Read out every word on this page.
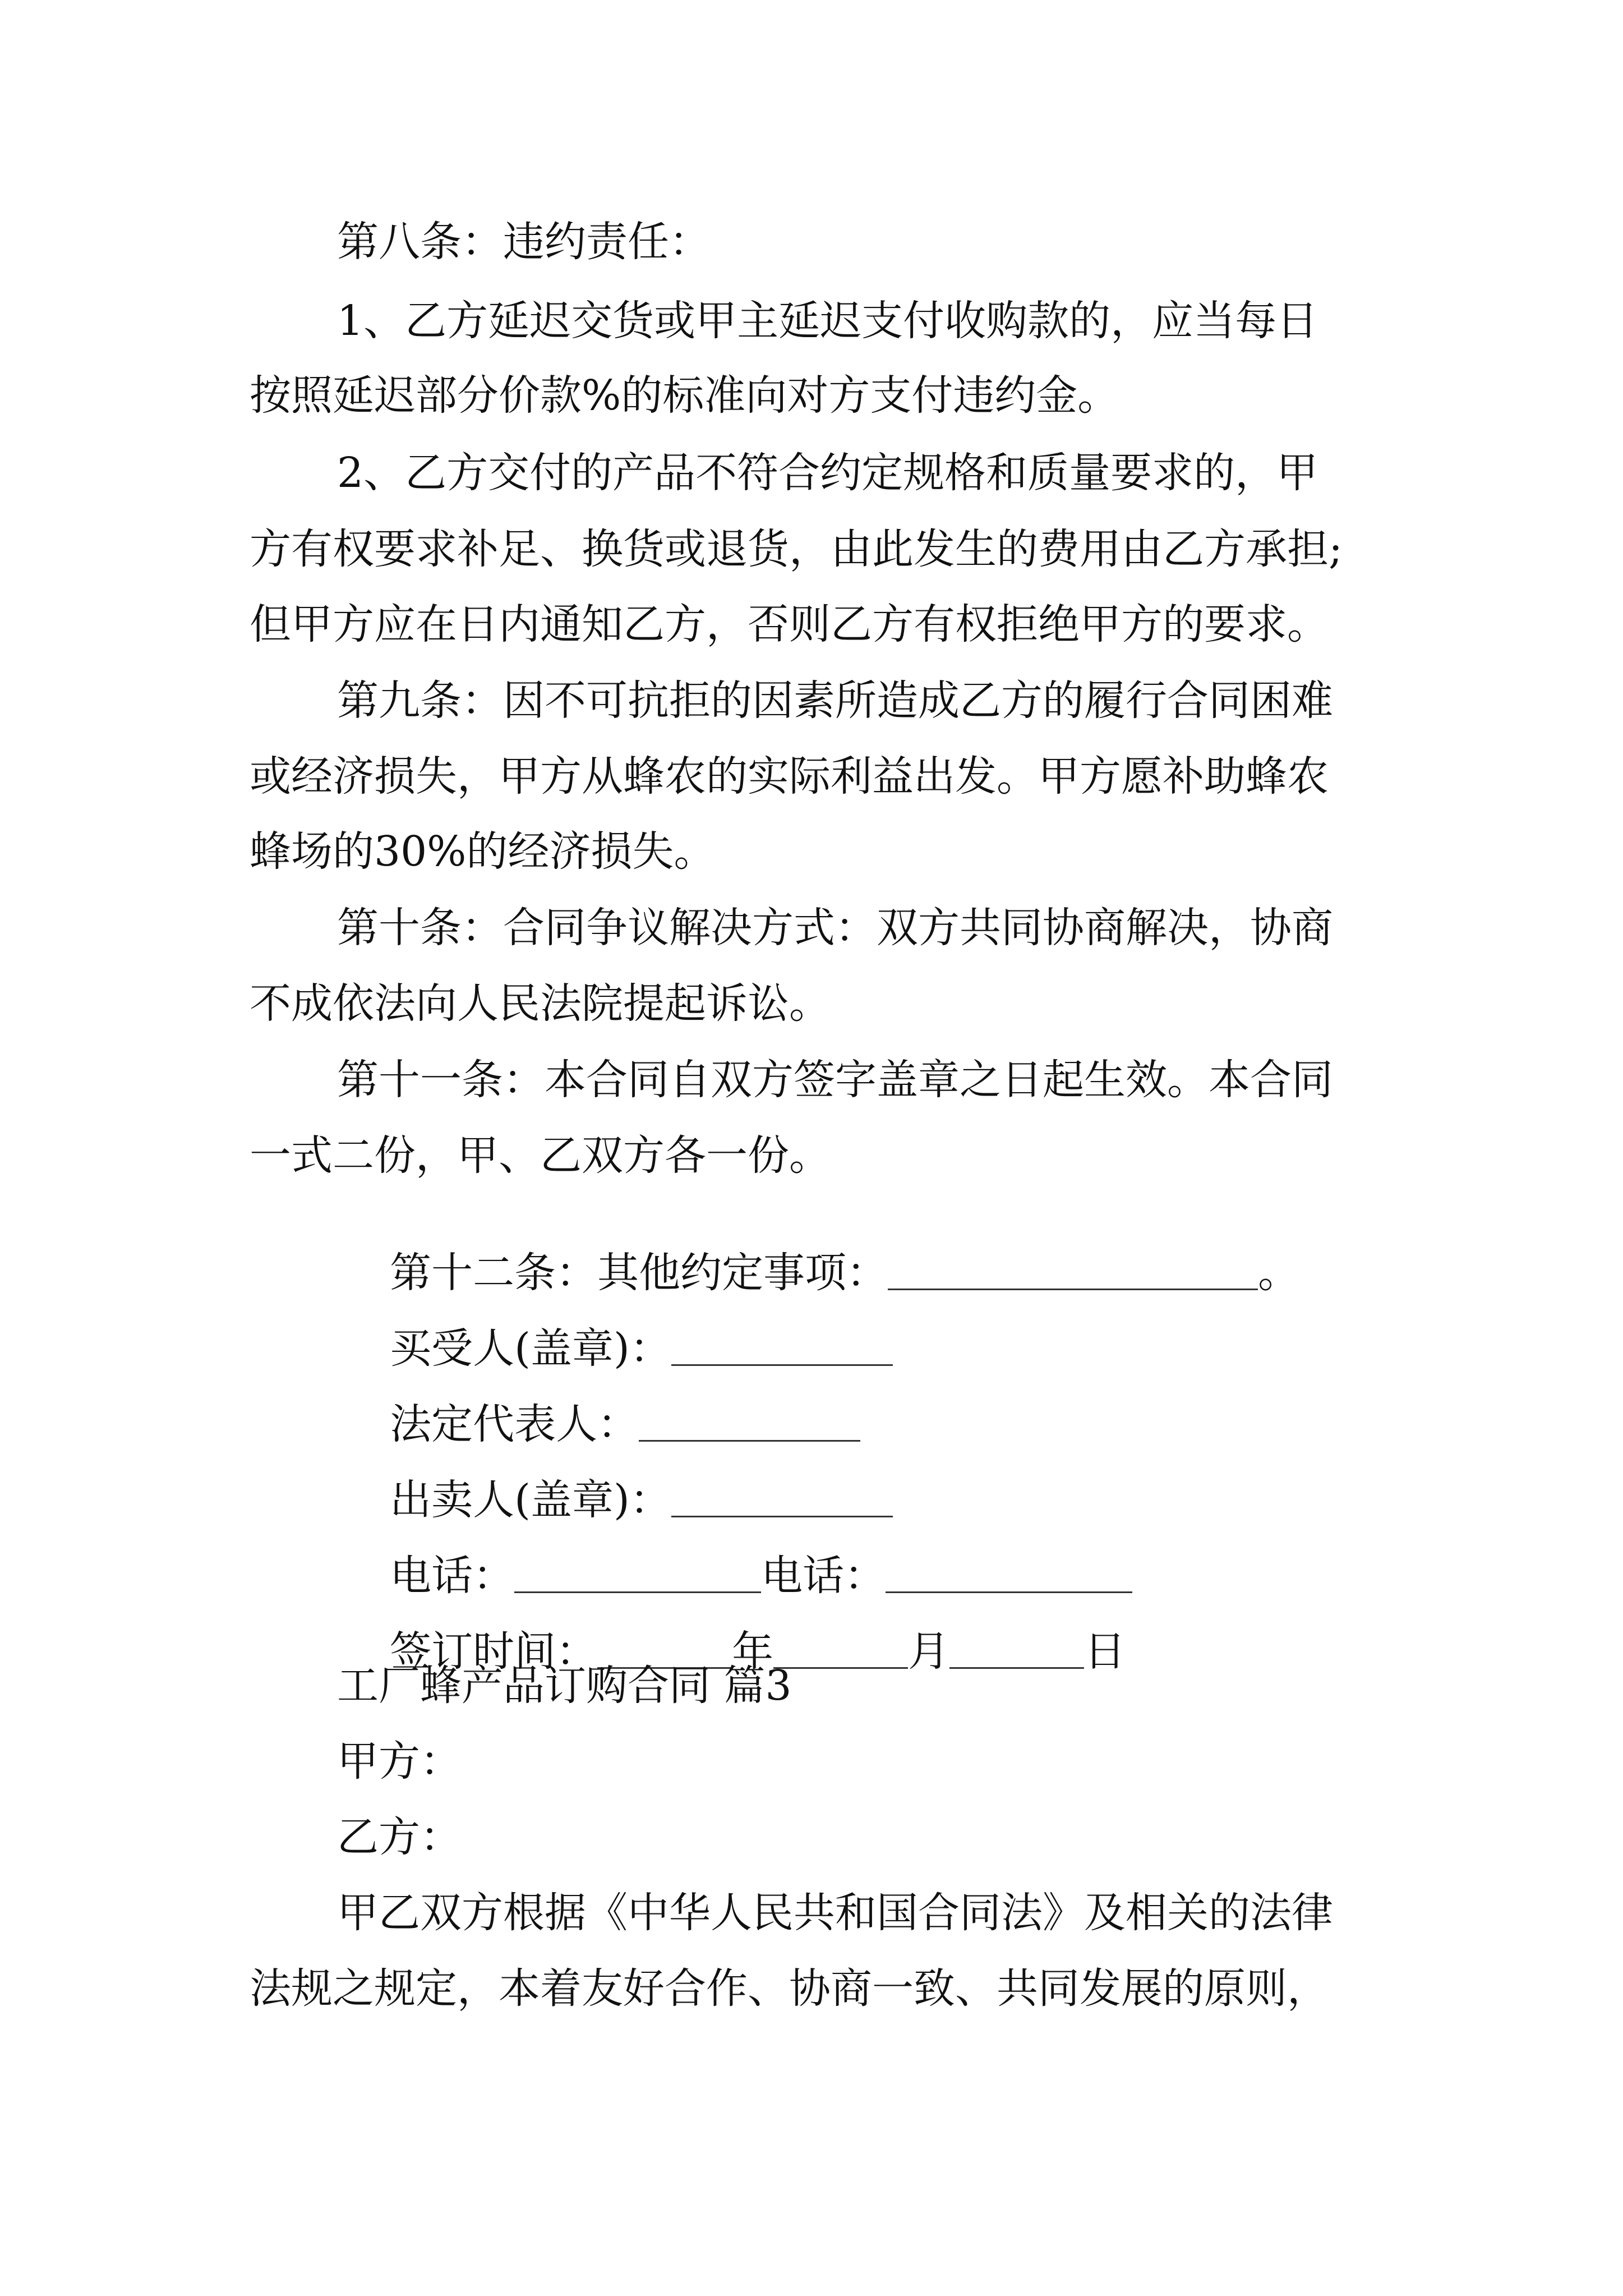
第八条：违约责任：
1、乙方延迟交货或甲主延迟支付收购款的，应当每日
按照延迟部分价款%的标准向对方支付违约金。
2、乙方交付的产品不符合约定规格和质量要求的，甲
方有权要求补足、换货或退货，由此发生的费用由乙方承担;
但甲方应在日内通知乙方，否则乙方有权拒绝甲方的要求。
第九条：因不可抗拒的因素所造成乙方的履行合同困难
或经济损失，甲方从蜂农的实际利益出发。甲方愿补助蜂农
蜂场的30%的经济损失。
第十条：合同争议解决方式：双方共同协商解决，协商
不成依法向人民法院提起诉讼。
第十一条：本合同自双方签字盖章之日起生效。本合同
一式二份，甲、乙双方各一份。

第十二条：其他约定事项：	。

买受人(盖章)：

法定代表人：

出卖人(盖章)：

电话：	电话：

签订时间：	年	月	日

工厂蜂产品订购合同 篇3
甲方：
乙方：
甲乙双方根据《中华人民共和国合同法》及相关的法律
法规之规定，本着友好合作、协商一致、共同发展的原则，
